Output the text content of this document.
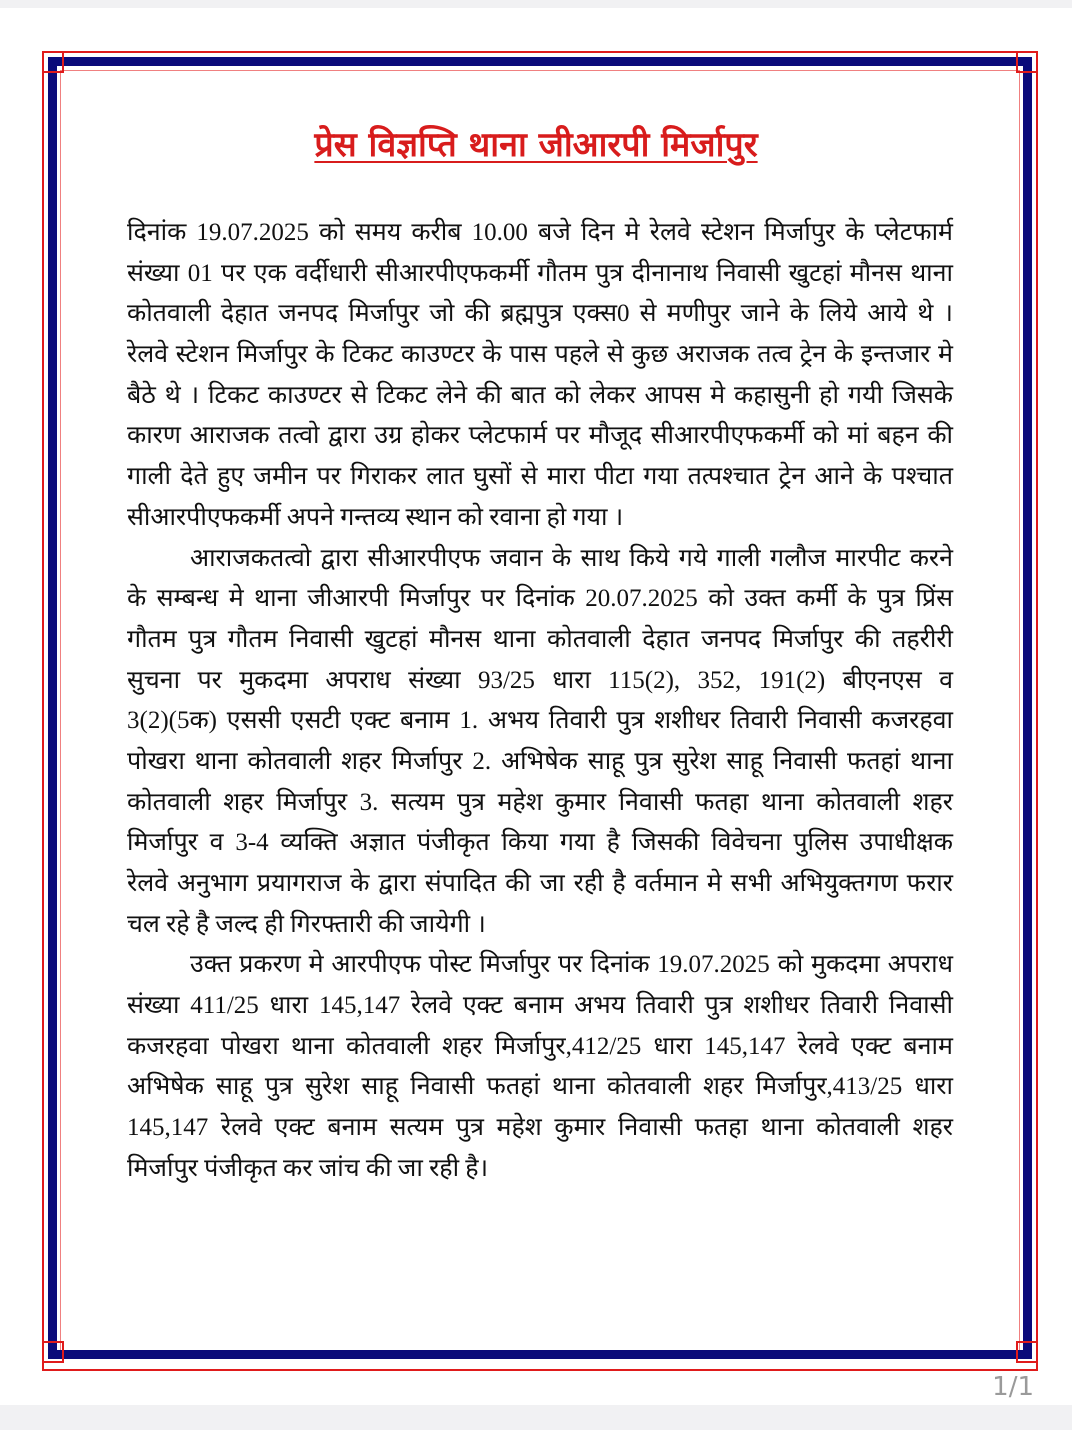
प्रेस विज्ञप्ति थाना जीआरपी मिर्जापुर
दिनांक 19.07.2025 को समय करीब 10.00 बजे दिन मे रेलवे स्टेशन मिर्जापुर के प्लेटफार्म
संख्या 01 पर एक वर्दीधारी सीआरपीएफकर्मी गौतम पुत्र दीनानाथ निवासी खुटहां मौनस थाना
कोतवाली देहात जनपद मिर्जापुर जो की ब्रह्मपुत्र एक्स0 से मणीपुर जाने के लिये आये थे ।
रेलवे स्टेशन मिर्जापुर के टिकट काउण्टर के पास पहले से कुछ अराजक तत्व ट्रेन के इन्तजार मे
बैठे थे । टिकट काउण्टर से टिकट लेने की बात को लेकर आपस मे कहासुनी हो गयी जिसके
कारण आराजक तत्वो द्वारा उग्र होकर प्लेटफार्म पर मौजूद सीआरपीएफकर्मी को मां बहन की
गाली देते हुए जमीन पर गिराकर लात घुसों से मारा पीटा गया तत्पश्चात ट्रेन आने के पश्चात
सीआरपीएफकर्मी अपने गन्तव्य स्थान को रवाना हो गया ।
आराजकतत्वो द्वारा सीआरपीएफ जवान के साथ किये गये गाली गलौज मारपीट करने
के सम्बन्ध मे थाना जीआरपी मिर्जापुर पर दिनांक 20.07.2025 को उक्त कर्मी के पुत्र प्रिंस
गौतम पुत्र गौतम निवासी खुटहां मौनस थाना कोतवाली देहात जनपद मिर्जापुर की तहरीरी
सुचना पर मुकदमा अपराध संख्या 93/25 धारा 115(2), 352, 191(2) बीएनएस व
3(2)(5क) एससी एसटी एक्ट बनाम 1. अभय तिवारी पुत्र शशीधर तिवारी निवासी कजरहवा
पोखरा थाना कोतवाली शहर मिर्जापुर 2. अभिषेक साहू पुत्र सुरेश साहू निवासी फतहां थाना
कोतवाली शहर मिर्जापुर 3. सत्यम पुत्र महेश कुमार निवासी फतहा थाना कोतवाली शहर
मिर्जापुर व 3-4 व्यक्ति अज्ञात पंजीकृत किया गया है जिसकी विवेचना पुलिस उपाधीक्षक
रेलवे अनुभाग प्रयागराज के द्वारा संपादित की जा रही है वर्तमान मे सभी अभियुक्तगण फरार
चल रहे है जल्द ही गिरफ्तारी की जायेगी ।
उक्त प्रकरण मे आरपीएफ पोस्ट मिर्जापुर पर दिनांक 19.07.2025 को मुकदमा अपराध
संख्या 411/25 धारा 145,147 रेलवे एक्ट बनाम अभय तिवारी पुत्र शशीधर तिवारी निवासी
कजरहवा पोखरा थाना कोतवाली शहर मिर्जापुर,412/25 धारा 145,147 रेलवे एक्ट बनाम
अभिषेक साहू पुत्र सुरेश साहू निवासी फतहां थाना कोतवाली शहर मिर्जापुर,413/25 धारा
145,147 रेलवे एक्ट बनाम सत्यम पुत्र महेश कुमार निवासी फतहा थाना कोतवाली शहर
मिर्जापुर पंजीकृत कर जांच की जा रही है।
1/1
